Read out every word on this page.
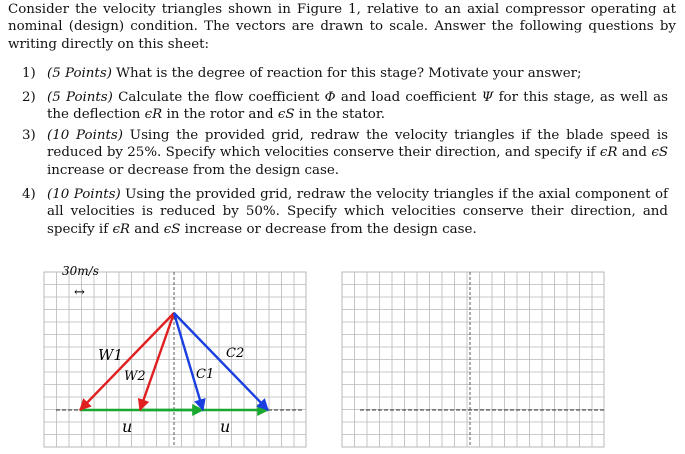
Consider the velocity triangles shown in Figure 1, relative to an axial compressor operating at nominal (design) condition. The vectors are drawn to scale. Answer the following questions by writing directly on this sheet:
1) (5 Points) What is the degree of reaction for this stage? Motivate your answer;
2) (5 Points) Calculate the flow coefficient Φ and load coefficient Ψ for this stage, as well as the deflection ϵR in the rotor and ϵS in the stator.
3) (10 Points) Using the provided grid, redraw the velocity triangles if the blade speed is reduced by 25%. Specify which velocities conserve their direction, and specify if ϵR and ϵS increase or decrease from the design case.
4) (10 Points) Using the provided grid, redraw the velocity triangles if the axial component of all velocities is reduced by 50%. Specify which velocities conserve their direction, and specify if ϵR and ϵS increase or decrease from the design case.
30m/s
↔
W1
W2	C1
C2
u	u
